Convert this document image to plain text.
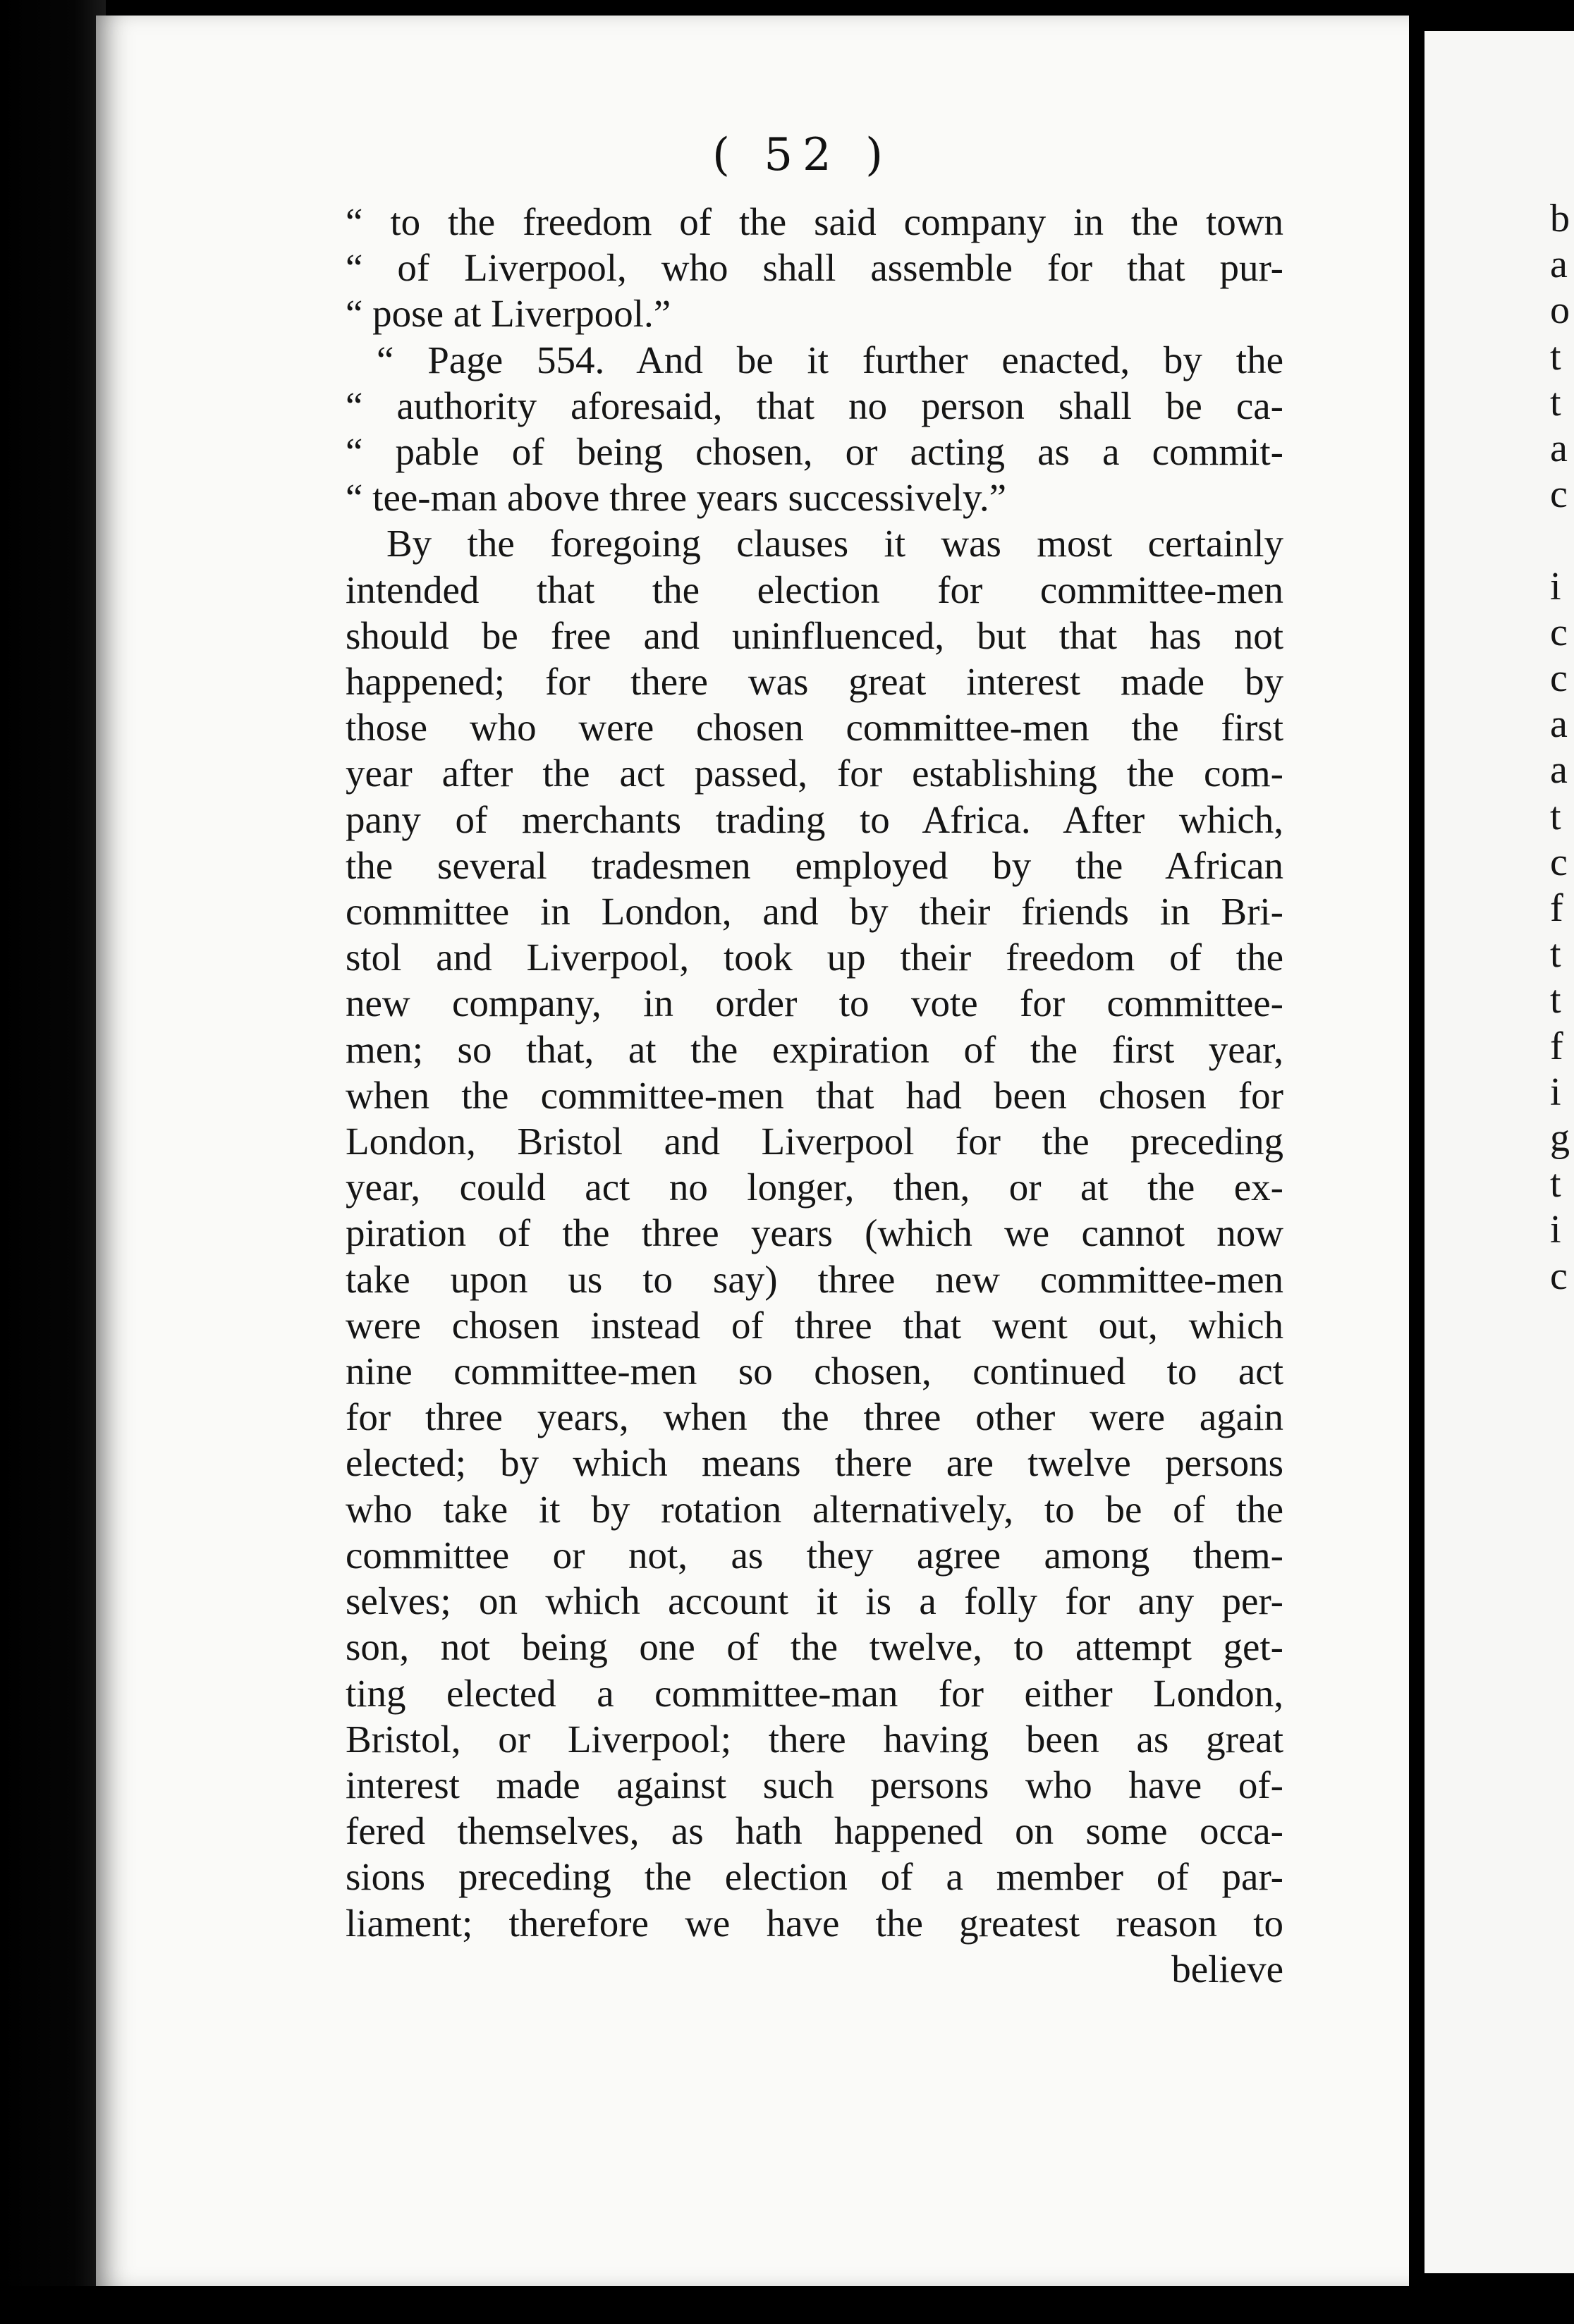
( 52 )
“ to the freedom of the said company in the town
“ of Liverpool, who shall assemble for that pur-
“ pose at Liverpool.”
“ Page 554. And be it further enacted, by the
“ authority aforesaid, that no person shall be ca-
“ pable of being chosen, or acting as a commit-
“ tee-man above three years successively.”
By the foregoing clauses it was most certainly
intended that the election for committee-men
should be free and uninfluenced, but that has not
happened; for there was great interest made by
those who were chosen committee-men the first
year after the act passed, for establishing the com-
pany of merchants trading to Africa. After which,
the several tradesmen employed by the African
committee in London, and by their friends in Bri-
stol and Liverpool, took up their freedom of the
new company, in order to vote for committee-
men; so that, at the expiration of the first year,
when the committee-men that had been chosen for
London, Bristol and Liverpool for the preceding
year, could act no longer, then, or at the ex-
piration of the three years (which we cannot now
take upon us to say) three new committee-men
were chosen instead of three that went out, which
nine committee-men so chosen, continued to act
for three years, when the three other were again
elected; by which means there are twelve persons
who take it by rotation alternatively, to be of the
committee or not, as they agree among them-
selves; on which account it is a folly for any per-
son, not being one of the twelve, to attempt get-
ting elected a committee-man for either London,
Bristol, or Liverpool; there having been as great
interest made against such persons who have of-
fered themselves, as hath happened on some occa-
sions preceding the election of a member of par-
liament; therefore we have the greatest reason to
believe
b
a
o
t
t
a
c
i
c
c
a
a
t
c
f
t
t
f
i
g
t
i
c
